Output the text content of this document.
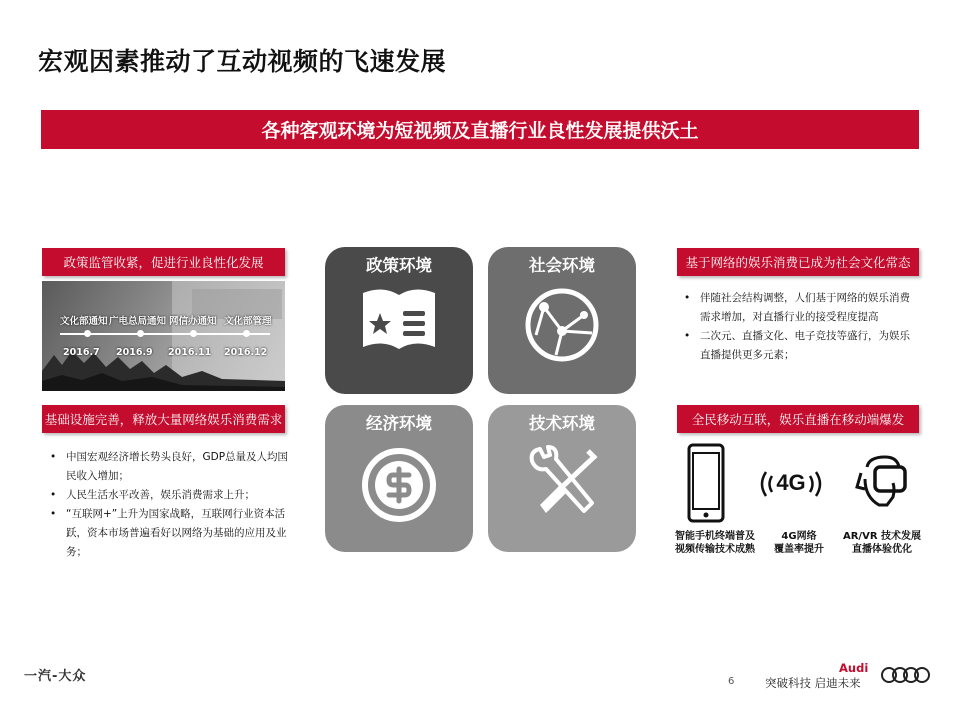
宏观因素推动了互动视频的飞速发展
各种客观环境为短视频及直播行业良性发展提供沃土
政策监管收紧，促进行业良性化发展
文化部通知 广电总局通知 网信办通知 文化部管理
2016.7 2016.9 2016.11 2016.12
基础设施完善，释放大量网络娱乐消费需求
• 中国宏观经济增长势头良好，GDP总量及人均国民收入增加；
• 人民生活水平改善，娱乐消费需求上升；
• “互联网+”上升为国家战略，互联网行业资本活跃，资本市场普遍看好以网络为基础的应用及业务；
政策环境	社会环境
经济环境	技术环境
基于网络的娱乐消费已成为社会文化常态
• 伴随社会结构调整，人们基于网络的娱乐消费需求增加，对直播行业的接受程度提高
• 二次元、直播文化、电子竞技等盛行，为娱乐直播提供更多元素；
全民移动互联，娱乐直播在移动端爆发
4G
智能手机终端普及
视频传输技术成熟
4G网络
覆盖率提升
AR/VR 技术发展
直播体验优化
一汽-大众	6
Audi
突破科技 启迪未来
